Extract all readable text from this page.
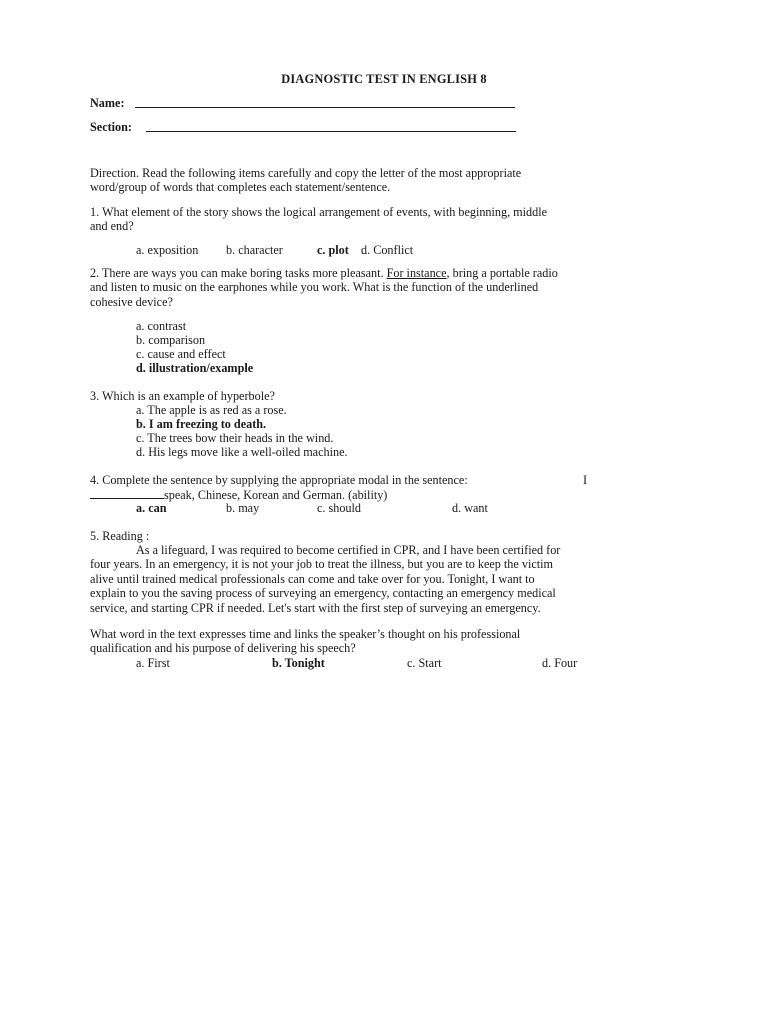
DIAGNOSTIC TEST IN ENGLISH 8
Name:
Section:
Direction. Read the following items carefully and copy the letter of the most appropriate
word/group of words that completes each statement/sentence.
1. What element of the story shows the logical arrangement of events, with beginning, middle
and end?
a. exposition b. character	c. plot d. Conflict
2. There are ways you can make boring tasks more pleasant. For instance, bring a portable radio
and listen to music on the earphones while you work. What is the function of the underlined
cohesive device?
a. contrast
b. comparison
c. cause and effect
d. illustration/example
3. Which is an example of hyperbole?
a. The apple is as red as a rose.
b. I am freezing to death.
c. The trees bow their heads in the wind.
d. His legs move like a well-oiled machine.
4. Complete the sentence by supplying the appropriate modal in the sentence:	I
speak, Chinese, Korean and German. (ability)
a. can	b. may	c. should	d. want
5. Reading :
As a lifeguard, I was required to become certified in CPR, and I have been certified for
four years. In an emergency, it is not your job to treat the illness, but you are to keep the victim
alive until trained medical professionals can come and take over for you. Tonight, I want to
explain to you the saving process of surveying an emergency, contacting an emergency medical
service, and starting CPR if needed. Let's start with the first step of surveying an emergency.
What word in the text expresses time and links the speaker’s thought on his professional
qualification and his purpose of delivering his speech?
a. First	b. Tonight	c. Start	d. Four
